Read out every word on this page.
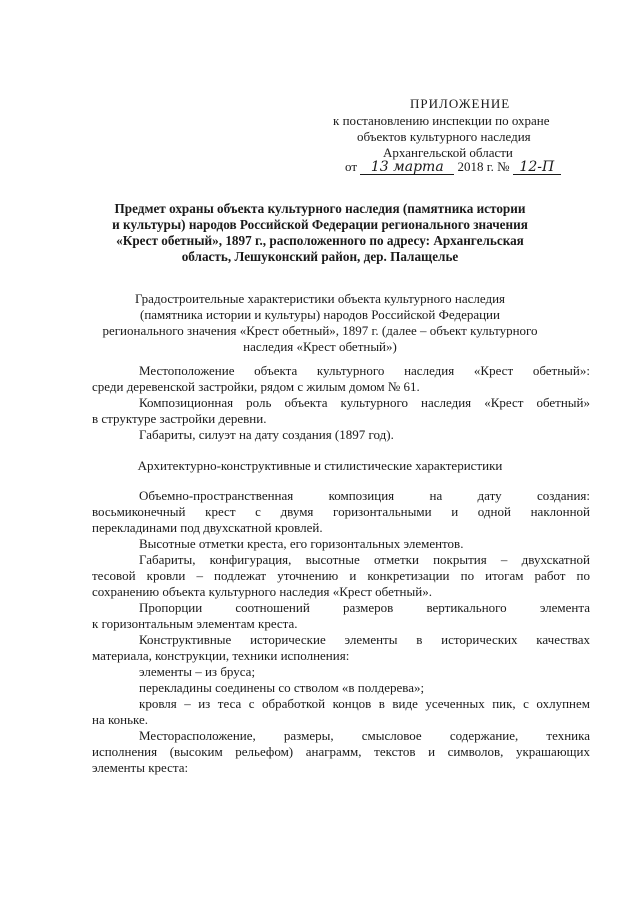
ПРИЛОЖЕНИЕ
к постановлению инспекции по охране
объектов культурного наследия
Архангельской области
от 13 марта 2018 г. № 12-П
Предмет охраны объекта культурного наследия (памятника истории
и культуры) народов Российской Федерации регионального значения
«Крест обетный», 1897 г., расположенного по адресу: Архангельская
область, Лешуконский район, дер. Палащелье
Градостроительные характеристики объекта культурного наследия
(памятника истории и культуры) народов Российской Федерации
регионального значения «Крест обетный», 1897 г. (далее – объект культурного
наследия «Крест обетный»)
Местоположение объекта культурного наследия «Крест обетный»:
среди деревенской застройки, рядом с жилым домом № 61.
Композиционная роль объекта культурного наследия «Крест обетный»
в структуре застройки деревни.
Габариты, силуэт на дату создания (1897 год).
Архитектурно-конструктивные и стилистические характеристики
Объемно-пространственная композиция на дату создания:
восьмиконечный крест с двумя горизонтальными и одной наклонной
перекладинами под двухскатной кровлей.
Высотные отметки креста, его горизонтальных элементов.
Габариты, конфигурация, высотные отметки покрытия – двухскатной
тесовой кровли – подлежат уточнению и конкретизации по итогам работ по
сохранению объекта культурного наследия «Крест обетный».
Пропорции соотношений размеров вертикального элемента
к горизонтальным элементам креста.
Конструктивные исторические элементы в исторических качествах
материала, конструкции, техники исполнения:
элементы – из бруса;
перекладины соединены со стволом «в полдерева»;
кровля – из теса с обработкой концов в виде усеченных пик, с охлупнем
на коньке.
Месторасположение, размеры, смысловое содержание, техника
исполнения (высоким рельефом) анаграмм, текстов и символов, украшающих
элементы креста:
